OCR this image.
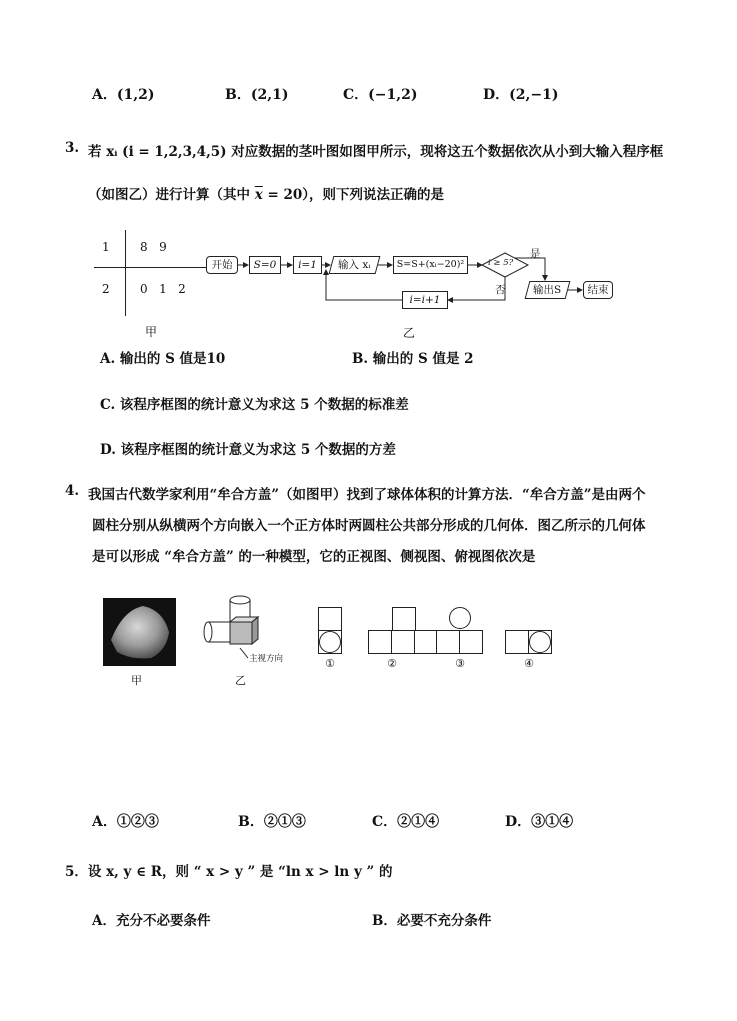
A．(1,2)	B．(2,1)	C．(−1,2)	D．(2,−1)
3. 若 xᵢ (i = 1,2,3,4,5) 对应数据的茎叶图如图甲所示，现将这五个数据依次从小到大输入程序框
（如图乙）进行计算（其中 $\overline{x} = 20$），则下列说法正确的是
1	8   9
2	0   1   2
甲
开始	S=0	i=1	输入 xᵢ	S=S+(xᵢ−20)²	i ≥ 5?
是
否
i=i+1
输出S	结束
乙
A. 输出的 S 值是10	B. 输出的 S 值是 2
C. 该程序框图的统计意义为求这 5 个数据的标准差
D. 该程序框图的统计意义为求这 5 个数据的方差
4. 我国古代数学家利用“牟合方盖”（如图甲）找到了球体体积的计算方法．“牟合方盖”是由两个
圆柱分别从纵横两个方向嵌入一个正方体时两圆柱公共部分形成的几何体．图乙所示的几何体
是可以形成 “牟合方盖” 的一种模型，它的正视图、侧视图、俯视图依次是
甲
主视方向
乙
①	②	③	④
A．①②③	B．②①③	C．②①④	D．③①④
5．设 x, y ∈ R，则 “ x > y ” 是 “ln x > ln y ” 的
A．充分不必要条件	B．必要不充分条件
